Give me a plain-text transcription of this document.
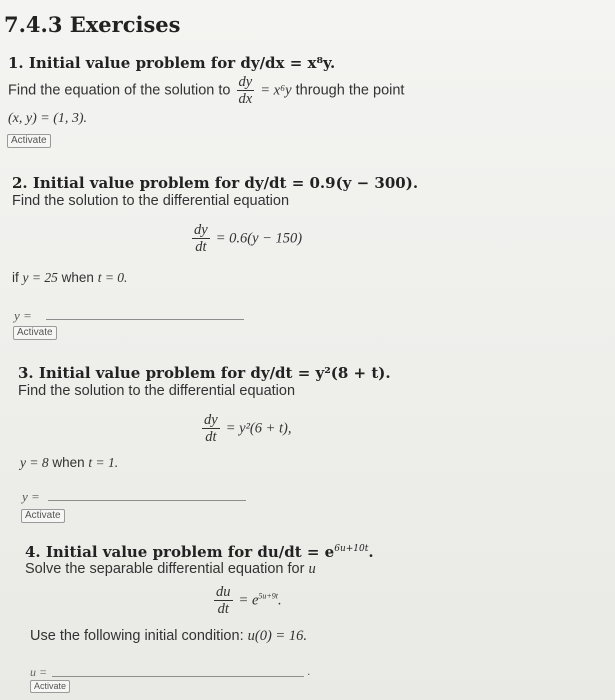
7.4.3 Exercises
1. Initial value problem for dy/dx = x⁸y.
Find the equation of the solution to $\frac{dy}{dx} = x^6y$ through the point
(x, y) = (1, 3).
Activate
2. Initial value problem for dy/dt = 0.9(y − 300).
Find the solution to the differential equation
$\frac{dy}{dt} = 0.6(y - 150)$
if y = 25 when t = 0.
y =
Activate
3. Initial value problem for dy/dt = y²(8 + t).
Find the solution to the differential equation
$\frac{dy}{dt} = y^2(6 + t)$,
y = 8 when t = 1.
y =
Activate
4. Initial value problem for $du/dt = e^{6u+10t}$.
Solve the separable differential equation for u
$\frac{du}{dt} = e^{5u+9t}$.
Use the following initial condition: u(0) = 16.
u =	.
Activate
